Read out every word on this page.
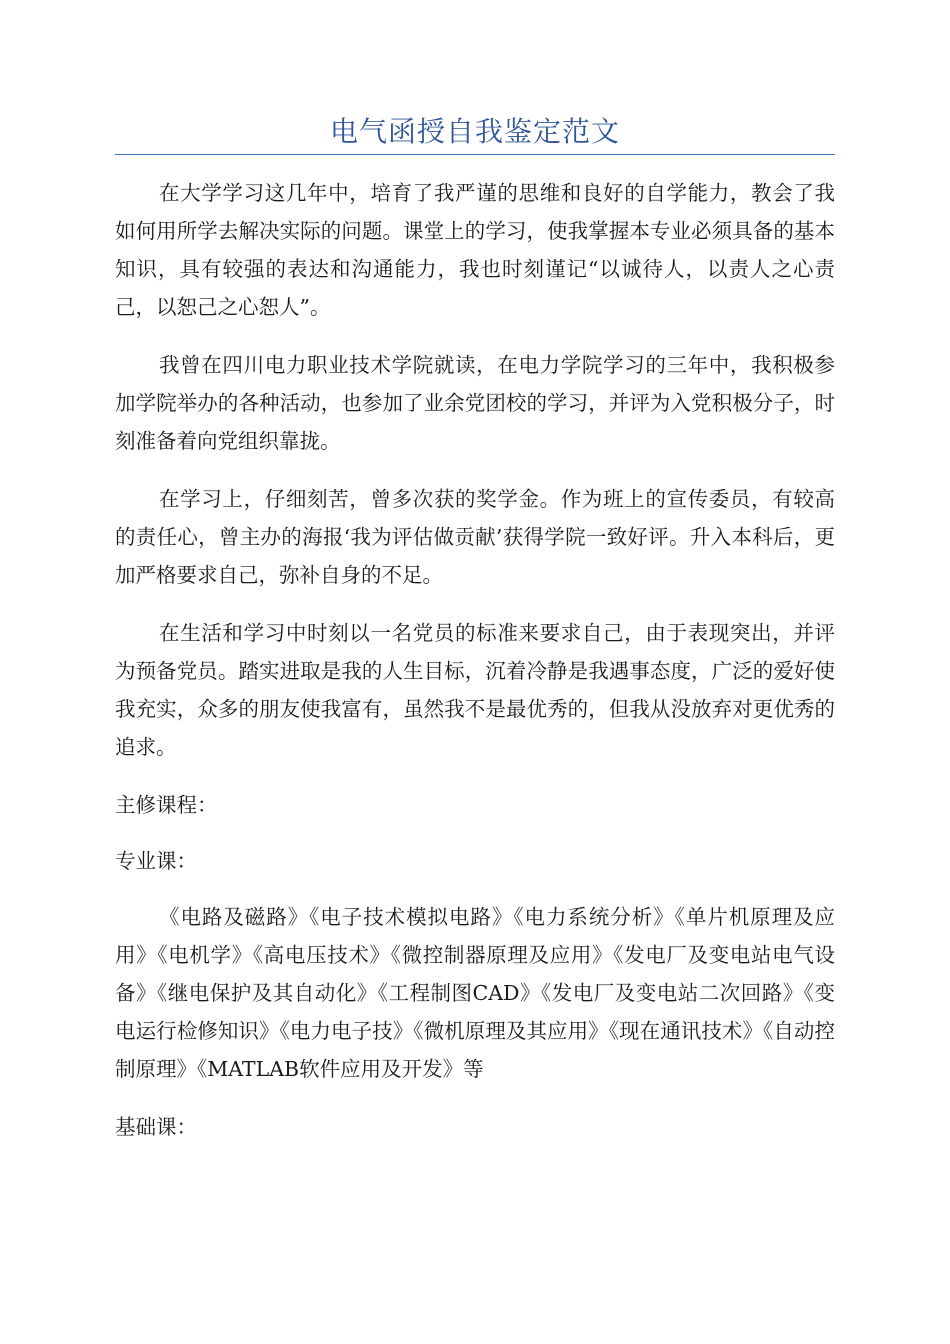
电气函授自我鉴定范文

在大学学习这几年中，培育了我严谨的思维和良好的自学能力，教会了我如何用所学去解决实际的问题。课堂上的学习，使我掌握本专业必须具备的基本知识，具有较强的表达和沟通能力，我也时刻谨记“以诚待人，以责人之心责己，以恕己之心恕人”。

我曾在四川电力职业技术学院就读，在电力学院学习的三年中，我积极参加学院举办的各种活动，也参加了业余党团校的学习，并评为入党积极分子，时刻准备着向党组织靠拢。

在学习上，仔细刻苦，曾多次获的奖学金。作为班上的宣传委员，有较高的责任心，曾主办的海报‘我为评估做贡献’获得学院一致好评。升入本科后，更加严格要求自己，弥补自身的不足。

在生活和学习中时刻以一名党员的标准来要求自己，由于表现突出，并评为预备党员。踏实进取是我的人生目标，沉着冷静是我遇事态度，广泛的爱好使我充实，众多的朋友使我富有，虽然我不是最优秀的，但我从没放弃对更优秀的追求。

主修课程：

专业课：

《电路及磁路》《电子技术模拟电路》《电力系统分析》《单片机原理及应用》《电机学》《高电压技术》《微控制器原理及应用》《发电厂及变电站电气设备》《继电保护及其自动化》《工程制图CAD》《发电厂及变电站二次回路》《变电运行检修知识》《电力电子技》《微机原理及其应用》《现在通讯技术》《自动控制原理》《MATLAB软件应用及开发》等

基础课：
